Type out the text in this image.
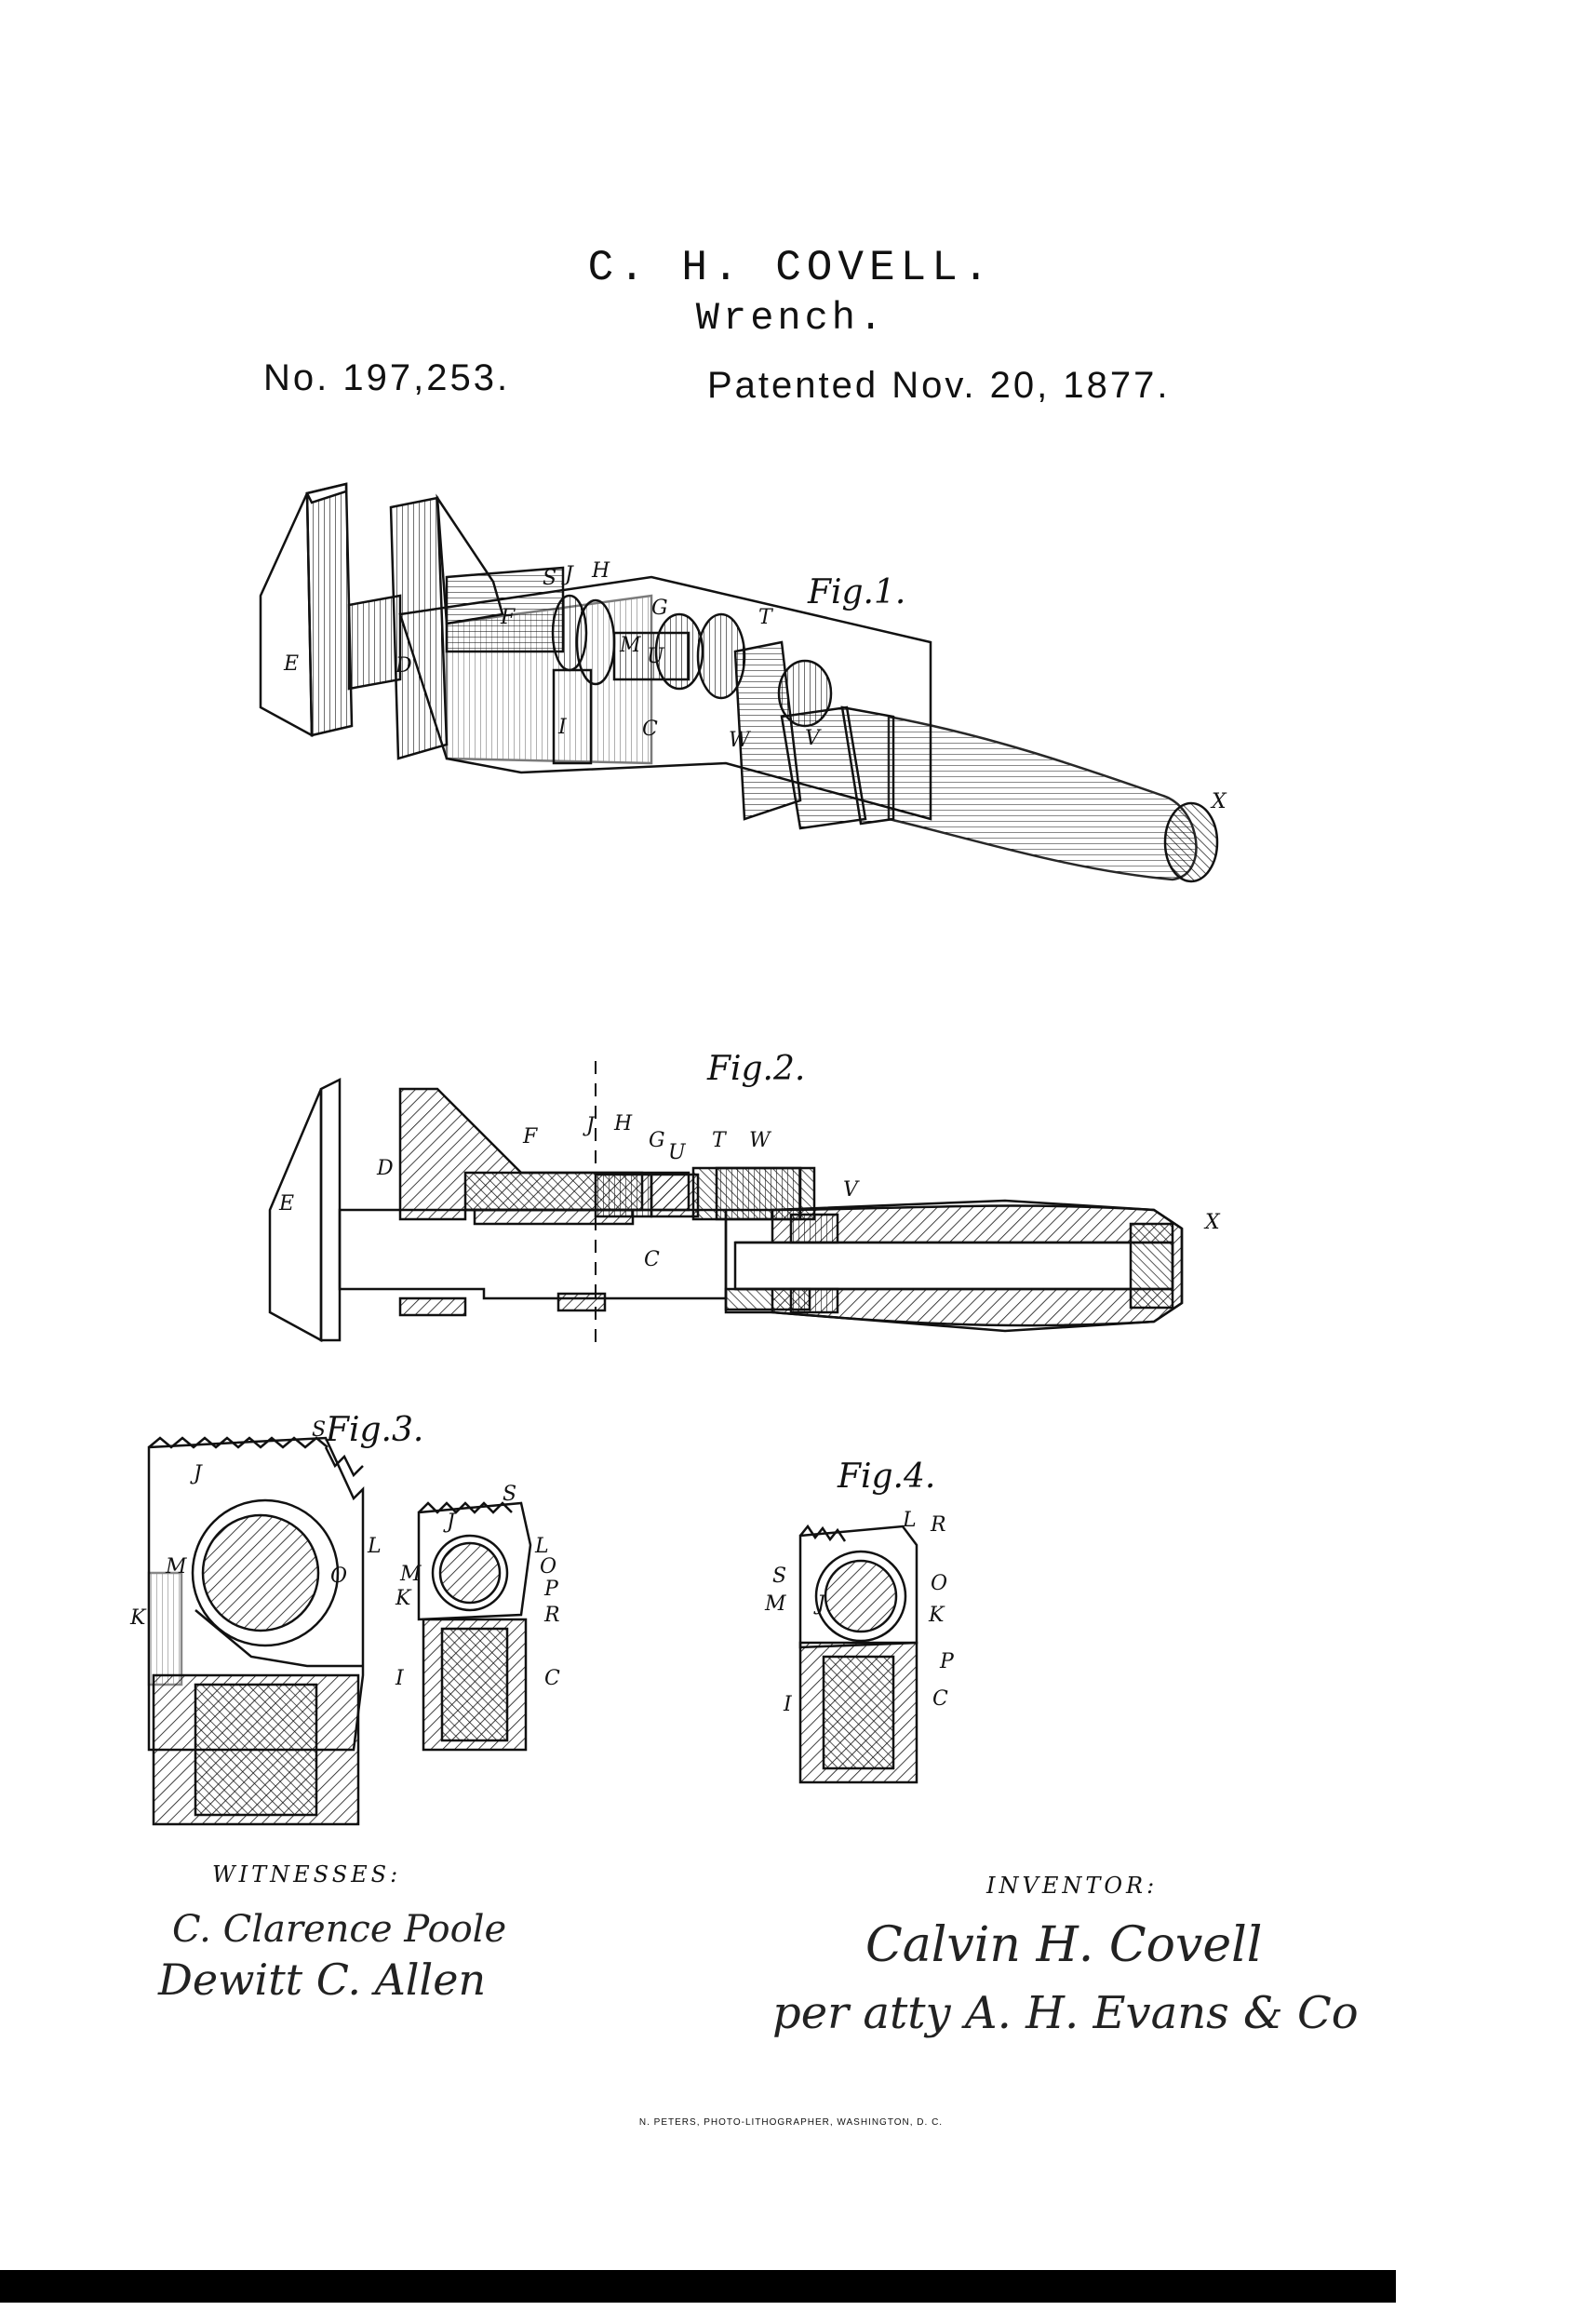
C. H. COVELL.
Wrench.
No. 197,253.	Patented Nov. 20, 1877.
S J H
G
F
M U
T
E	D
I	C	W	V
X
Fig.1.
F J H
G
U
T W
D
E
V
X
C
Fig.2.
S
J
L
M	O
K
S
J
L
M	O
K	P
R
I	C
Fig.3.
L R
S	O
M J	K
P
I	C
Fig.4.
WITNESSES:
C. Clarence Poole
Dewitt C. Allen
INVENTOR:
Calvin H. Covell
per atty A. H. Evans & Co
N. PETERS, PHOTO-LITHOGRAPHER, WASHINGTON, D. C.
